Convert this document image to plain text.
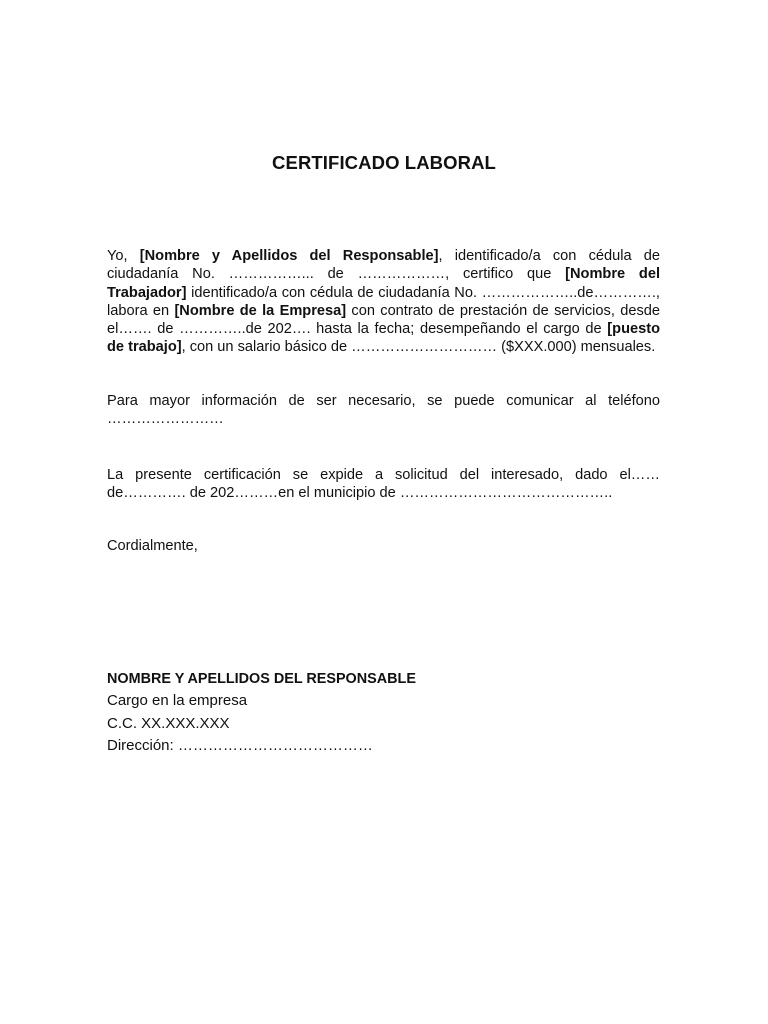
CERTIFICADO LABORAL
Yo, [Nombre y Apellidos del Responsable], identificado/a con cédula de ciudadanía No. ……………... de ………………, certifico que [Nombre del Trabajador] identificado/a con cédula de ciudadanía No. ………………..de…………., labora en [Nombre de la Empresa] con contrato de prestación de servicios, desde el……. de …………..de 202…. hasta la fecha; desempeñando el cargo de [puesto de trabajo], con un salario básico de ………………………… ($XXX.000) mensuales.
Para mayor información de ser necesario, se puede comunicar al teléfono ……………………
La presente certificación se expide a solicitud del interesado, dado el…… de…………. de 202………en el municipio de ……………………………………..
Cordialmente,
NOMBRE Y APELLIDOS DEL RESPONSABLE
Cargo en la empresa
C.C. XX.XXX.XXX
Dirección: …………………………………
